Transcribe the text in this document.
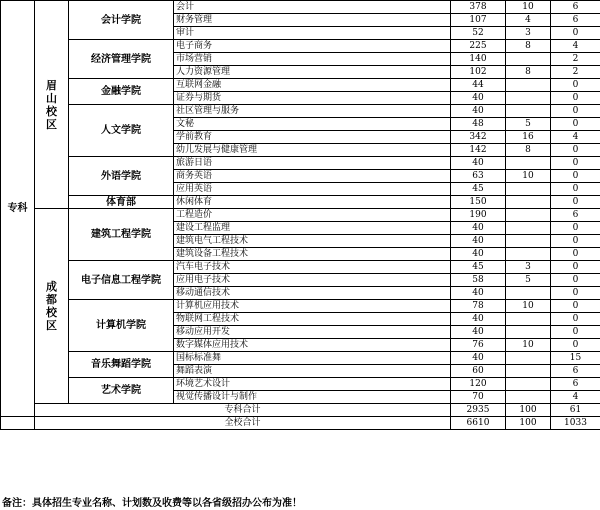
专科	眉山校区	会计学院	会计	378	10	6
			财务管理	107	4	6
			审计	52	3	0
		经济管理学院	电子商务	225	8	4
			市场营销	140		2
			人力资源管理	102	8	2
		金融学院	互联网金融	44		0
			证券与期货	40		0
		人文学院	社区管理与服务	40		0
			文秘	48	5	0
			学前教育	342	16	4
			幼儿发展与健康管理	142	8	0
		外语学院	旅游日语	40		0
			商务英语	63	10	0
			应用英语	45		0
		体育部	休闲体育	150		0

	成都校区	建筑工程学院	工程造价	190		6
			建设工程监理	40		0
			建筑电气工程技术	40		0
			建筑设备工程技术	40		0
		电子信息工程学院	汽车电子技术	45	3	0
			应用电子技术	58	5	0
			移动通信技术	40		0
		计算机学院	计算机应用技术	78	10	0
			物联网工程技术	40		0
			移动应用开发	40		0
			数字媒体应用技术	76	10	0
		音乐舞蹈学院	国标标准舞	40		15
			舞蹈表演	60		6
		艺术学院	环境艺术设计	120		6
			视觉传播设计与制作	70		4
	专科合计			2935	100	61
	全校合计			6610	100	1033
备注：具体招生专业名称、计划数及收费等以各省级招办公布为准！
